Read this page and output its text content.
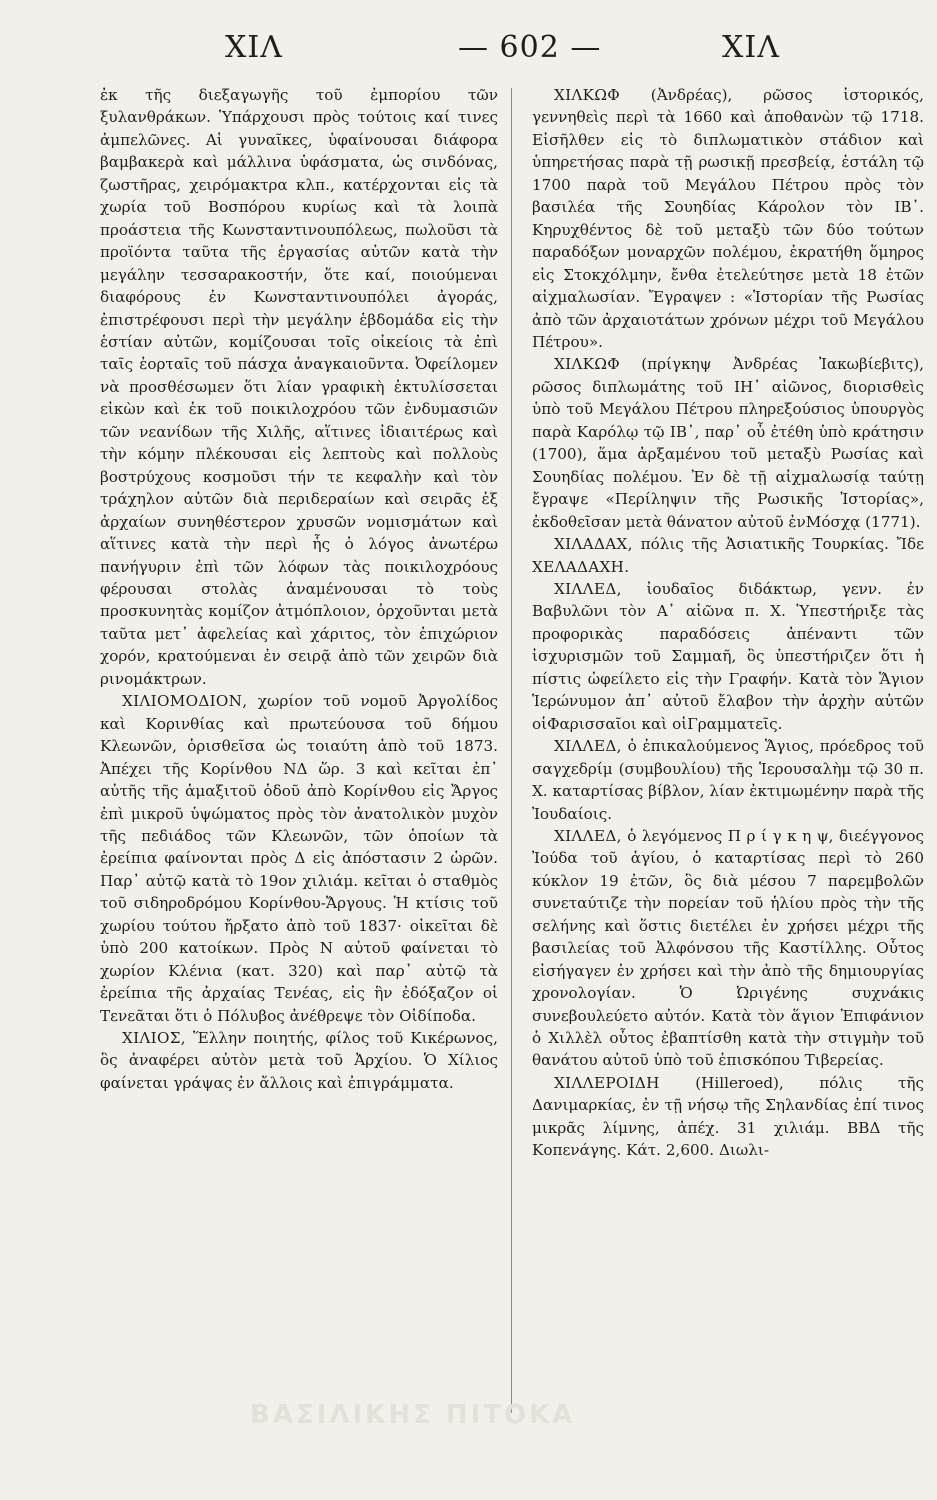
ΧΙΛ	— 602 —	ΧΙΛ

ἐκ τῆς διεξαγωγῆς τοῦ ἐμπορίου τῶν ξυλανθράκων. Ὑπάρχουσι πρὸς τούτοις καί τινες ἀμπελῶνες. Αἱ γυναῖκες, ὑφαίνουσαι διάφορα βαμβακερὰ καὶ μάλλινα ὑφάσματα, ὡς σινδόνας, ζωστῆρας, χειρόμακτρα κλπ., κατέρχονται εἰς τὰ χωρία τοῦ Βοσπόρου κυρίως καὶ τὰ λοιπὰ προάστεια τῆς Κωνσταντινουπόλεως, πωλοῦσι τὰ προϊόντα ταῦτα τῆς ἐργασίας αὐτῶν κατὰ τὴν μεγάλην τεσσαρακοστήν, ὅτε καί, ποιούμεναι διαφόρους ἐν Κωνσταντινουπόλει ἀγοράς, ἐπιστρέφουσι περὶ τὴν μεγάλην ἑβδομάδα εἰς τὴν ἑστίαν αὐτῶν, κομίζουσαι τοῖς οἰκείοις τὰ ἐπὶ ταῖς ἑορταῖς τοῦ πάσχα ἀναγκαιοῦντα. Ὀφείλομεν νὰ προσθέσωμεν ὅτι λίαν γραφικὴ ἐκτυλίσσεται εἰκὼν καὶ ἐκ τοῦ ποικιλοχρόου τῶν ἐνδυμασιῶν τῶν νεανίδων τῆς Χιλῆς, αἵτινες ἰδιαιτέρως καὶ τὴν κόμην πλέκουσαι εἰς λεπτοὺς καὶ πολλοὺς βοστρύχους κοσμοῦσι τήν τε κεφαλὴν καὶ τὸν τράχηλον αὐτῶν διὰ περιδεραίων καὶ σειρᾶς ἐξ ἀρχαίων συνηθέστερον χρυσῶν νομισμάτων καὶ αἵτινες κατὰ τὴν περὶ ἧς ὁ λόγος ἀνωτέρω πανήγυριν ἐπὶ τῶν λόφων τὰς ποικιλοχρόους φέρουσαι στολὰς ἀναμένουσαι τὸ τοὺς προσκυνητὰς κομίζον ἀτμόπλοιον, ὀρχοῦνται μετὰ ταῦτα μετ᾽ ἀφελείας καὶ χάριτος, τὸν ἐπιχώριον χορόν, κρατούμεναι ἐν σειρᾷ ἀπὸ τῶν χειρῶν διὰ ρινομάκτρων.

ΧΙΛΙΟΜΟΔΙΟΝ, χωρίον τοῦ νομοῦ Ἀργολίδος καὶ Κορινθίας καὶ πρωτεύουσα τοῦ δήμου Κλεωνῶν, ὁρισθεῖσα ὡς τοιαύτη ἀπὸ τοῦ 1873. Ἀπέχει τῆς Κορίνθου ΝΔ ὥρ. 3 καὶ κεῖται ἐπ᾽ αὐτῆς τῆς ἁμαξιτοῦ ὁδοῦ ἀπὸ Κορίνθου εἰς Ἄργος ἐπὶ μικροῦ ὑψώματος πρὸς τὸν ἀνατολικὸν μυχὸν τῆς πεδιάδος τῶν Κλεωνῶν, τῶν ὁποίων τὰ ἐρείπια φαίνονται πρὸς Δ εἰς ἀπόστασιν 2 ὡρῶν. Παρ᾽ αὐτῷ κατὰ τὸ 19ον χιλιάμ. κεῖται ὁ σταθμὸς τοῦ σιδηροδρόμου Κορίνθου-Ἄργους. Ἡ κτίσις τοῦ χωρίου τούτου ἤρξατο ἀπὸ τοῦ 1837· οἰκεῖται δὲ ὑπὸ 200 κατοίκων. Πρὸς Ν αὐτοῦ φαίνεται τὸ χωρίον Κλένια (κατ. 320) καὶ παρ᾽ αὐτῷ τὰ ἐρείπια τῆς ἀρχαίας Τενέας, εἰς ἣν ἐδόξαζον οἱ Τενεᾶται ὅτι ὁ Πόλυβος ἀνέθρεψε τὸν Οἰδίποδα.

ΧΙΛΙΟΣ, Ἕλλην ποιητής, φίλος τοῦ Κικέρωνος, ὃς ἀναφέρει αὐτὸν μετὰ τοῦ Ἀρχίου. Ὁ Χίλιος φαίνεται γράψας ἐν ἄλλοις καὶ ἐπιγράμματα.

ΧΙΛΚΩΦ (Ἀνδρέας), ρῶσος ἱστορικός, γεννηθεὶς περὶ τὰ 1660 καὶ ἀποθανὼν τῷ 1718. Εἰσῆλθεν εἰς τὸ διπλωματικὸν στάδιον καὶ ὑπηρετήσας παρὰ τῇ ρωσικῇ πρεσβείᾳ, ἐστάλη τῷ 1700 παρὰ τοῦ Μεγάλου Πέτρου πρὸς τὸν βασιλέα τῆς Σουηδίας Κάρολον τὸν ΙΒ᾽. Κηρυχθέντος δὲ τοῦ μεταξὺ τῶν δύο τούτων παραδόξων μοναρχῶν πολέμου, ἐκρατήθη ὅμηρος εἰς Στοκχόλμην, ἔνθα ἐτελεύτησε μετὰ 18 ἐτῶν αἰχμαλωσίαν. Ἔγραψεν : «Ἱστορίαν τῆς Ρωσίας ἀπὸ τῶν ἀρχαιοτάτων χρόνων μέχρι τοῦ Μεγάλου Πέτρου».

ΧΙΛΚΩΦ (πρίγκηψ Ἀνδρέας Ἰακωβίεβιτς), ρῶσος διπλωμάτης τοῦ ΙΗ᾽ αἰῶνος, διορισθεὶς ὑπὸ τοῦ Μεγάλου Πέτρου πληρεξούσιος ὑπουργὸς παρὰ Καρόλῳ τῷ ΙΒ᾽, παρ᾽ οὗ ἐτέθη ὑπὸ κράτησιν (1700), ἅμα ἀρξαμένου τοῦ μεταξὺ Ρωσίας καὶ Σουηδίας πολέμου. Ἐν δὲ τῇ αἰχμαλωσίᾳ ταύτῃ ἔγραψε «Περίληψιν τῆς Ρωσικῆς Ἱστορίας», ἐκδοθεῖσαν μετὰ θάνατον αὐτοῦ ἐνΜόσχᾳ (1771).

ΧΙΛΑΔΑΧ, πόλις τῆς Ἀσιατικῆς Τουρκίας. Ἴδε ΧΕΛΑΔΑΧΗ.

ΧΙΛΛΕΔ, ἰουδαῖος διδάκτωρ, γενν. ἐν Βαβυλῶνι τὸν Α᾽ αἰῶνα π. Χ. Ὑπεστήριξε τὰς προφορικὰς παραδόσεις ἀπέναντι τῶν ἰσχυρισμῶν τοῦ Σαμμαῆ, ὃς ὑπεστήριζεν ὅτι ἡ πίστις ὠφείλετο εἰς τὴν Γραφήν. Κατὰ τὸν Ἅγιον Ἱερώνυμον ἀπ᾽ αὐτοῦ ἔλαβον τὴν ἀρχὴν αὐτῶν οἱΦαρισσαῖοι καὶ οἱΓραμματεῖς.

ΧΙΛΛΕΔ, ὁ ἐπικαλούμενος Ἅγιος, πρόεδρος τοῦ σαγχεδρίμ (συμβουλίου) τῆς Ἱερουσαλὴμ τῷ 30 π. Χ. καταρτίσας βίβλον, λίαν ἐκτιμωμένην παρὰ τῆς Ἰουδαίοις.

ΧΙΛΛΕΔ, ὁ λεγόμενος Π ρ ί γ κ η ψ, διεέγγονος Ἰούδα τοῦ ἁγίου, ὁ καταρτίσας περὶ τὸ 260 κύκλον 19 ἐτῶν, ὃς διὰ μέσου 7 παρεμβολῶν συνεταύτιζε τὴν πορείαν τοῦ ἡλίου πρὸς τὴν τῆς σελήνης καὶ ὅστις διετέλει ἐν χρήσει μέχρι τῆς βασιλείας τοῦ Ἀλφόνσου τῆς Καστίλλης. Οὗτος εἰσήγαγεν ἐν χρήσει καὶ τὴν ἀπὸ τῆς δημιουργίας χρονολογίαν. Ὁ Ὠριγένης συχνάκις συνεβουλεύετο αὐτόν. Κατὰ τὸν ἅγιον Ἐπιφάνιον ὁ Χιλλὲλ οὗτος ἐβαπτίσθη κατὰ τὴν στιγμὴν τοῦ θανάτου αὐτοῦ ὑπὸ τοῦ ἐπισκόπου Τιβερείας.

ΧΙΛΛΕΡΟΙΔΗ (Hilleroed), πόλις τῆς Δανιμαρκίας, ἐν τῇ νήσῳ τῆς Σηλανδίας ἐπί τινος μικρᾶς λίμνης, ἀπέχ. 31 χιλιάμ. ΒΒΔ τῆς Κοπενάγης. Κάτ. 2,600. Διωλι-

ΒΑΣΙΛΙΚΗΣ ΠΙΤΟΚΑ
